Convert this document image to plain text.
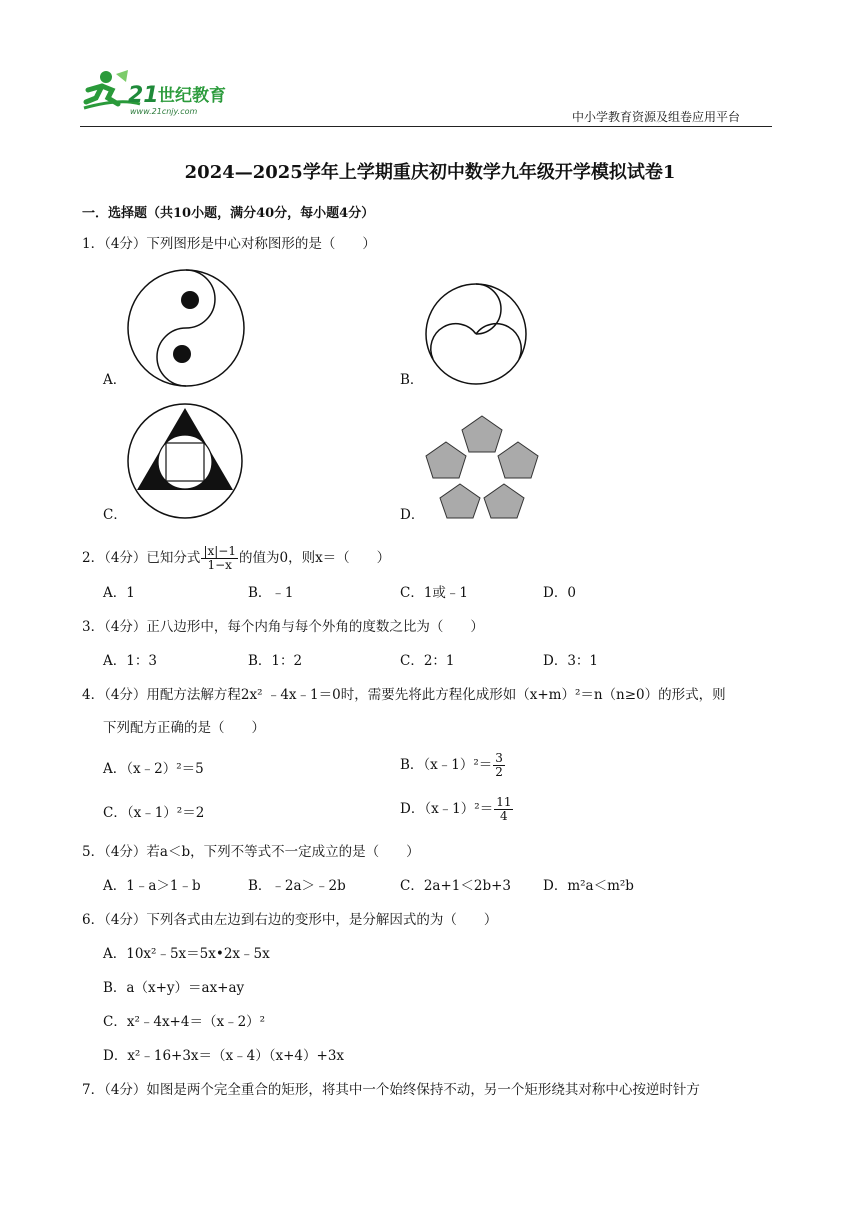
21 世纪教育
www.21cnjy.com	中小学教育资源及组卷应用平台
2024—2025学年上学期重庆初中数学九年级开学模拟试卷1
一．选择题（共10小题，满分40分，每小题4分）
1．（4分）下列图形是中心对称图形的是（　　）
A．	B．
C．	D．
2．（4分）已知分式 $\frac{|x|-1}{1-x}$ 的值为0，则x＝（　　）
A．1	B．﹣1	C．1或﹣1	D．0
3．（4分）正八边形中，每个内角与每个外角的度数之比为（　　）
A．1：3	B．1：2	C．2：1	D．3：1
4．（4分）用配方法解方程2x² ﹣4x﹣1＝0时，需要先将此方程化成形如（x+m）²＝n（n≥0）的形式，则
下列配方正确的是（　　）
A．（x﹣2）²＝5	B．（x﹣1）²＝ $\frac{3}{2}$
C．（x﹣1）²＝2	D．（x﹣1）²＝ $\frac{11}{4}$
5．（4分）若a＜b，下列不等式不一定成立的是（　　）
A．1﹣a＞1﹣b	B．﹣2a＞﹣2b	C．2a+1＜2b+3 D．m²a＜m²b
6．（4分）下列各式由左边到右边的变形中，是分解因式的为（　　）
A．10x²﹣5x＝5x•2x﹣5x
B．a（x+y）＝ax+ay
C．x²﹣4x+4＝（x﹣2）²
D．x²﹣16+3x＝（x﹣4）（x+4）+3x
7．（4分）如图是两个完全重合的矩形，将其中一个始终保持不动，另一个矩形绕其对称中心按逆时针方
